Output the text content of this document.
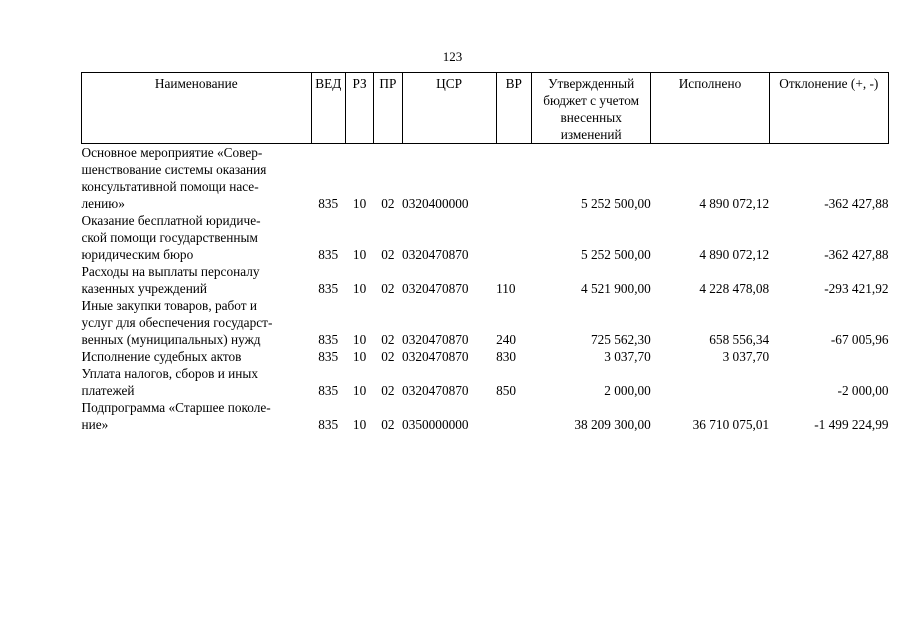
123
Наименование	ВЕД	РЗ	ПР	ЦСР	ВР	Утвержденный бюджет с учетом внесенных изменений	Исполнено	Отклонение (+, -)

Основное мероприятие «Совер-
шенствование системы оказания
консультативной помощи насе-
лению»	835	10	02	0320400000		5 252 500,00	4 890 072,12	-362 427,88

Оказание бесплатной юридиче-
ской помощи государственным
юридическим бюро	835	10	02	0320470870		5 252 500,00	4 890 072,12	-362 427,88

Расходы на выплаты персоналу
казенных учреждений	835	10	02	0320470870	110	4 521 900,00	4 228 478,08	-293 421,92

Иные закупки товаров, работ и
услуг для обеспечения государст-
венных (муниципальных) нужд	835	10	02	0320470870	240	725 562,30	658 556,34	-67 005,96

Исполнение судебных актов	835	10	02	0320470870	830	3 037,70	3 037,70	

Уплата налогов, сборов и иных
платежей	835	10	02	0320470870	850	2 000,00		-2 000,00

Подпрограмма «Старшее поколе-
ние»	835	10	02	0350000000		38 209 300,00	36 710 075,01	-1 499 224,99
